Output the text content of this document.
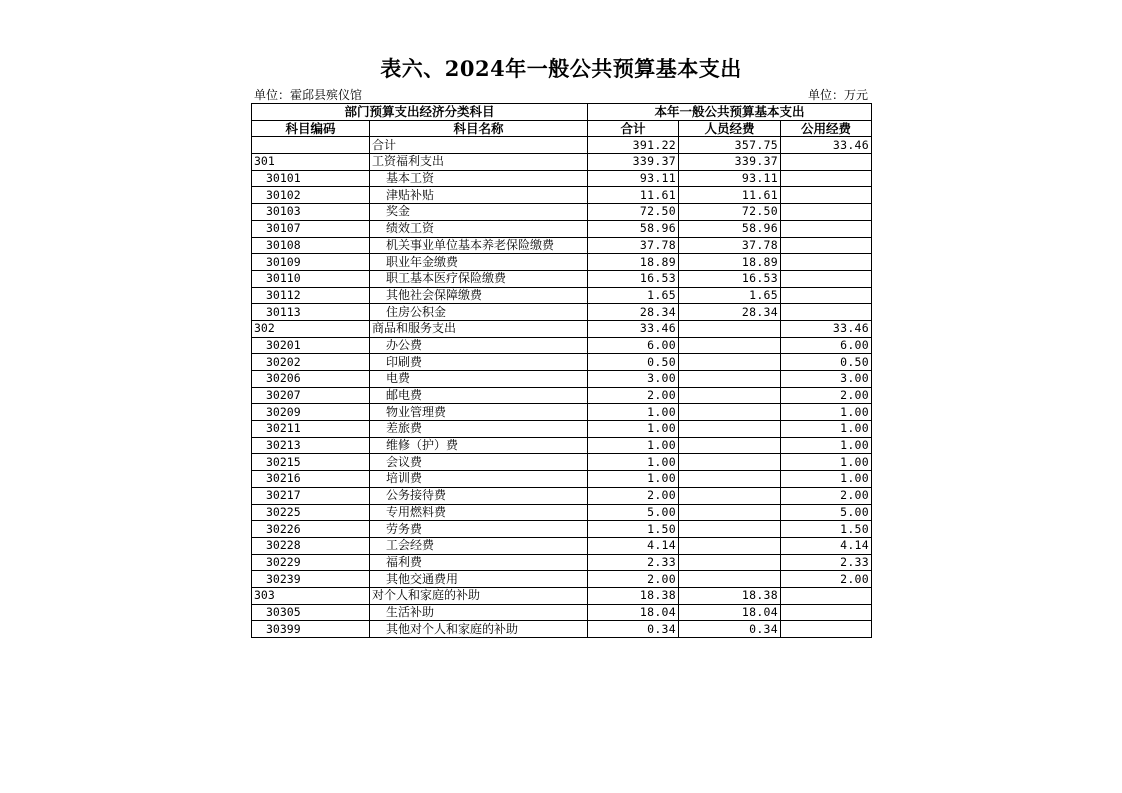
表六、2024年一般公共预算基本支出
单位：霍邱县殡仪馆	单位：万元
部门预算支出经济分类科目		本年一般公共预算基本支出		
科目编码	科目名称	合计	人员经费	公用经费
	合计	391.22	357.75	33.46
301	工资福利支出	339.37	339.37	
30101	基本工资	93.11	93.11	
30102	津贴补贴	11.61	11.61	
30103	奖金	72.50	72.50	
30107	绩效工资	58.96	58.96	
30108	机关事业单位基本养老保险缴费	37.78	37.78	
30109	职业年金缴费	18.89	18.89	
30110	职工基本医疗保险缴费	16.53	16.53	
30112	其他社会保障缴费	1.65	1.65	
30113	住房公积金	28.34	28.34	
302	商品和服务支出	33.46		33.46
30201	办公费	6.00		6.00
30202	印刷费	0.50		0.50
30206	电费	3.00		3.00
30207	邮电费	2.00		2.00
30209	物业管理费	1.00		1.00
30211	差旅费	1.00		1.00
30213	维修（护）费	1.00		1.00
30215	会议费	1.00		1.00
30216	培训费	1.00		1.00
30217	公务接待费	2.00		2.00
30225	专用燃料费	5.00		5.00
30226	劳务费	1.50		1.50
30228	工会经费	4.14		4.14
30229	福利费	2.33		2.33
30239	其他交通费用	2.00		2.00
303	对个人和家庭的补助	18.38	18.38	
30305	生活补助	18.04	18.04	
30399	其他对个人和家庭的补助	0.34	0.34	
